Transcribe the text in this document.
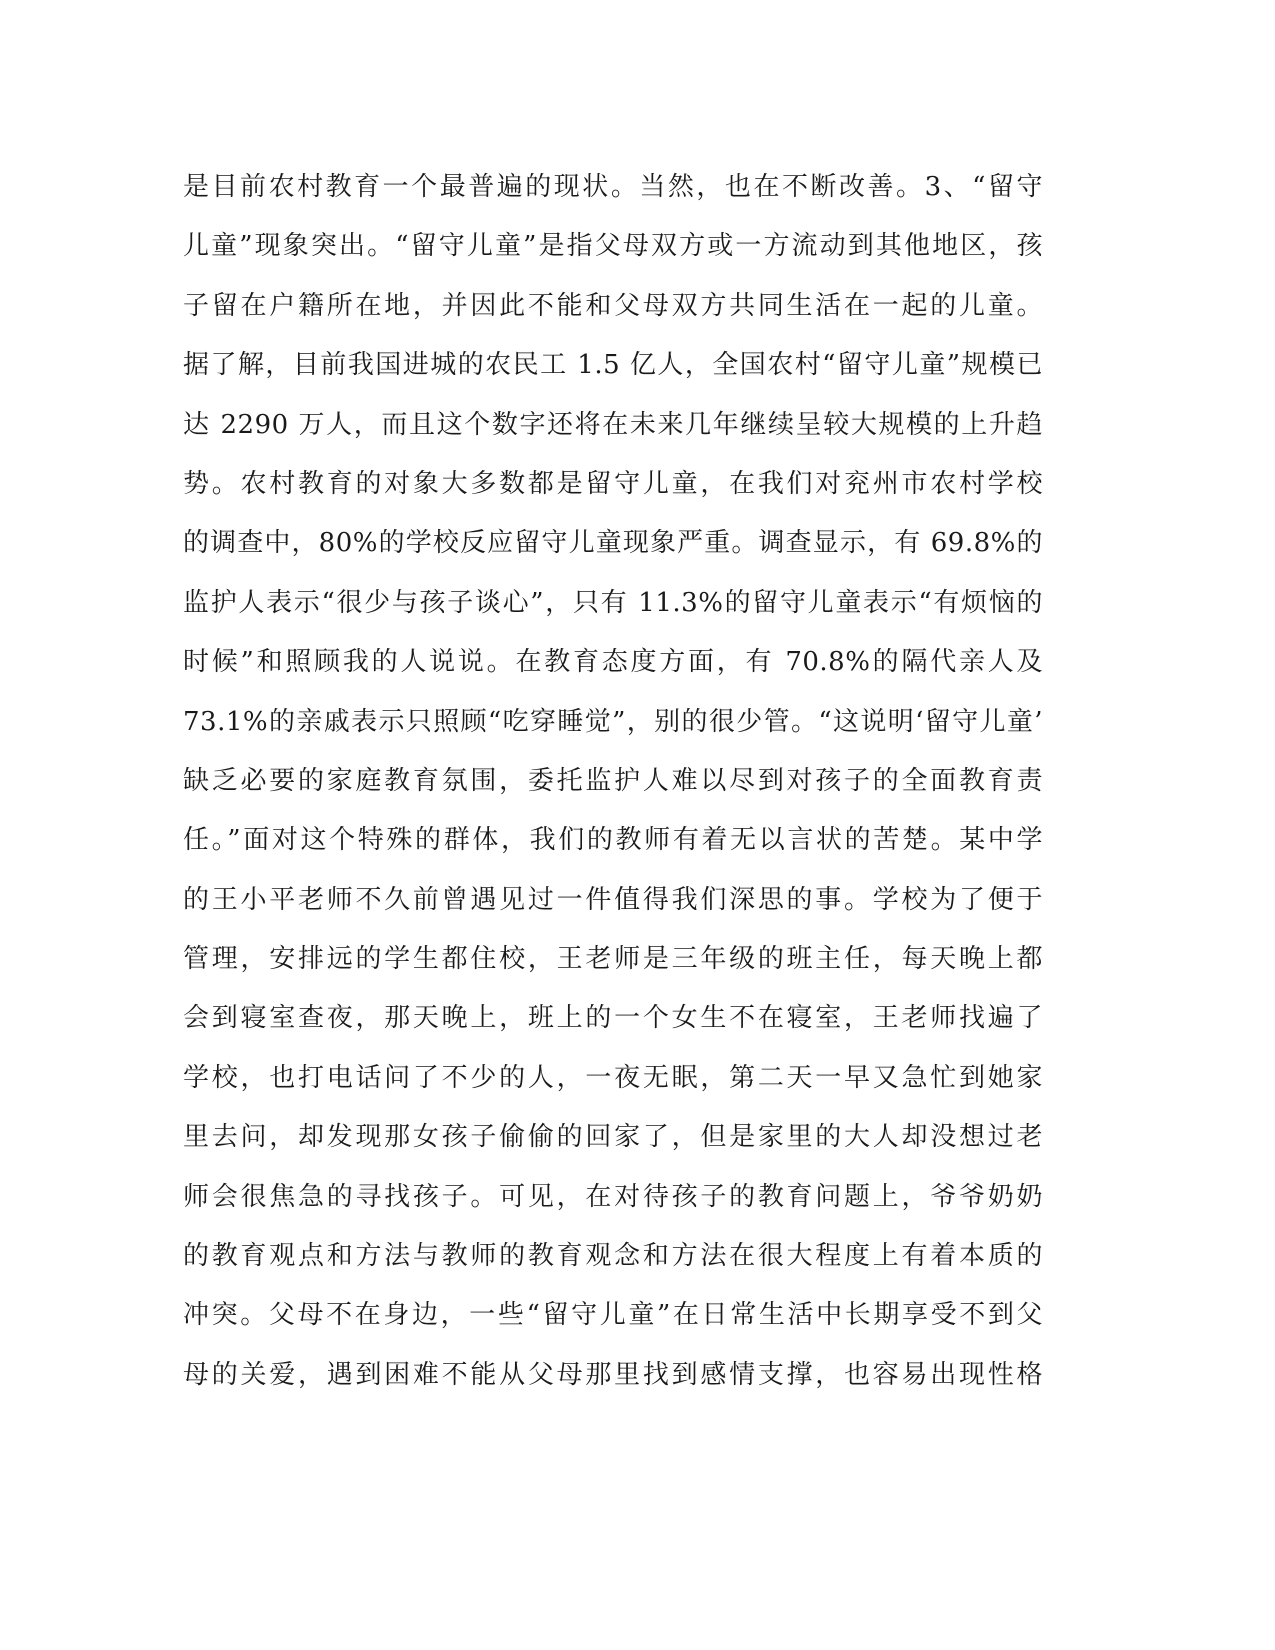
是目前农村教育一个最普遍的现状。当然，也在不断改善。3、“留守
儿童”现象突出。“留守儿童”是指父母双方或一方流动到其他地区，孩
子留在户籍所在地，并因此不能和父母双方共同生活在一起的儿童。
据了解，目前我国进城的农民工 1.5 亿人，全国农村“留守儿童”规模已
达 2290 万人，而且这个数字还将在未来几年继续呈较大规模的上升趋
势。农村教育的对象大多数都是留守儿童，在我们对兖州市农村学校
的调查中，80%的学校反应留守儿童现象严重。调查显示，有 69.8%的
监护人表示“很少与孩子谈心”，只有 11.3%的留守儿童表示“有烦恼的
时候”和照顾我的人说说。在教育态度方面，有 70.8%的隔代亲人及
73.1%的亲戚表示只照顾“吃穿睡觉”，别的很少管。“这说明‘留守儿童’
缺乏必要的家庭教育氛围，委托监护人难以尽到对孩子的全面教育责
任。”面对这个特殊的群体，我们的教师有着无以言状的苦楚。某中学
的王小平老师不久前曾遇见过一件值得我们深思的事。学校为了便于
管理，安排远的学生都住校，王老师是三年级的班主任，每天晚上都
会到寝室查夜，那天晚上，班上的一个女生不在寝室，王老师找遍了
学校，也打电话问了不少的人，一夜无眠，第二天一早又急忙到她家
里去问，却发现那女孩子偷偷的回家了，但是家里的大人却没想过老
师会很焦急的寻找孩子。可见，在对待孩子的教育问题上，爷爷奶奶
的教育观点和方法与教师的教育观念和方法在很大程度上有着本质的
冲突。父母不在身边，一些“留守儿童”在日常生活中长期享受不到父
母的关爱，遇到困难不能从父母那里找到感情支撑，也容易出现性格
